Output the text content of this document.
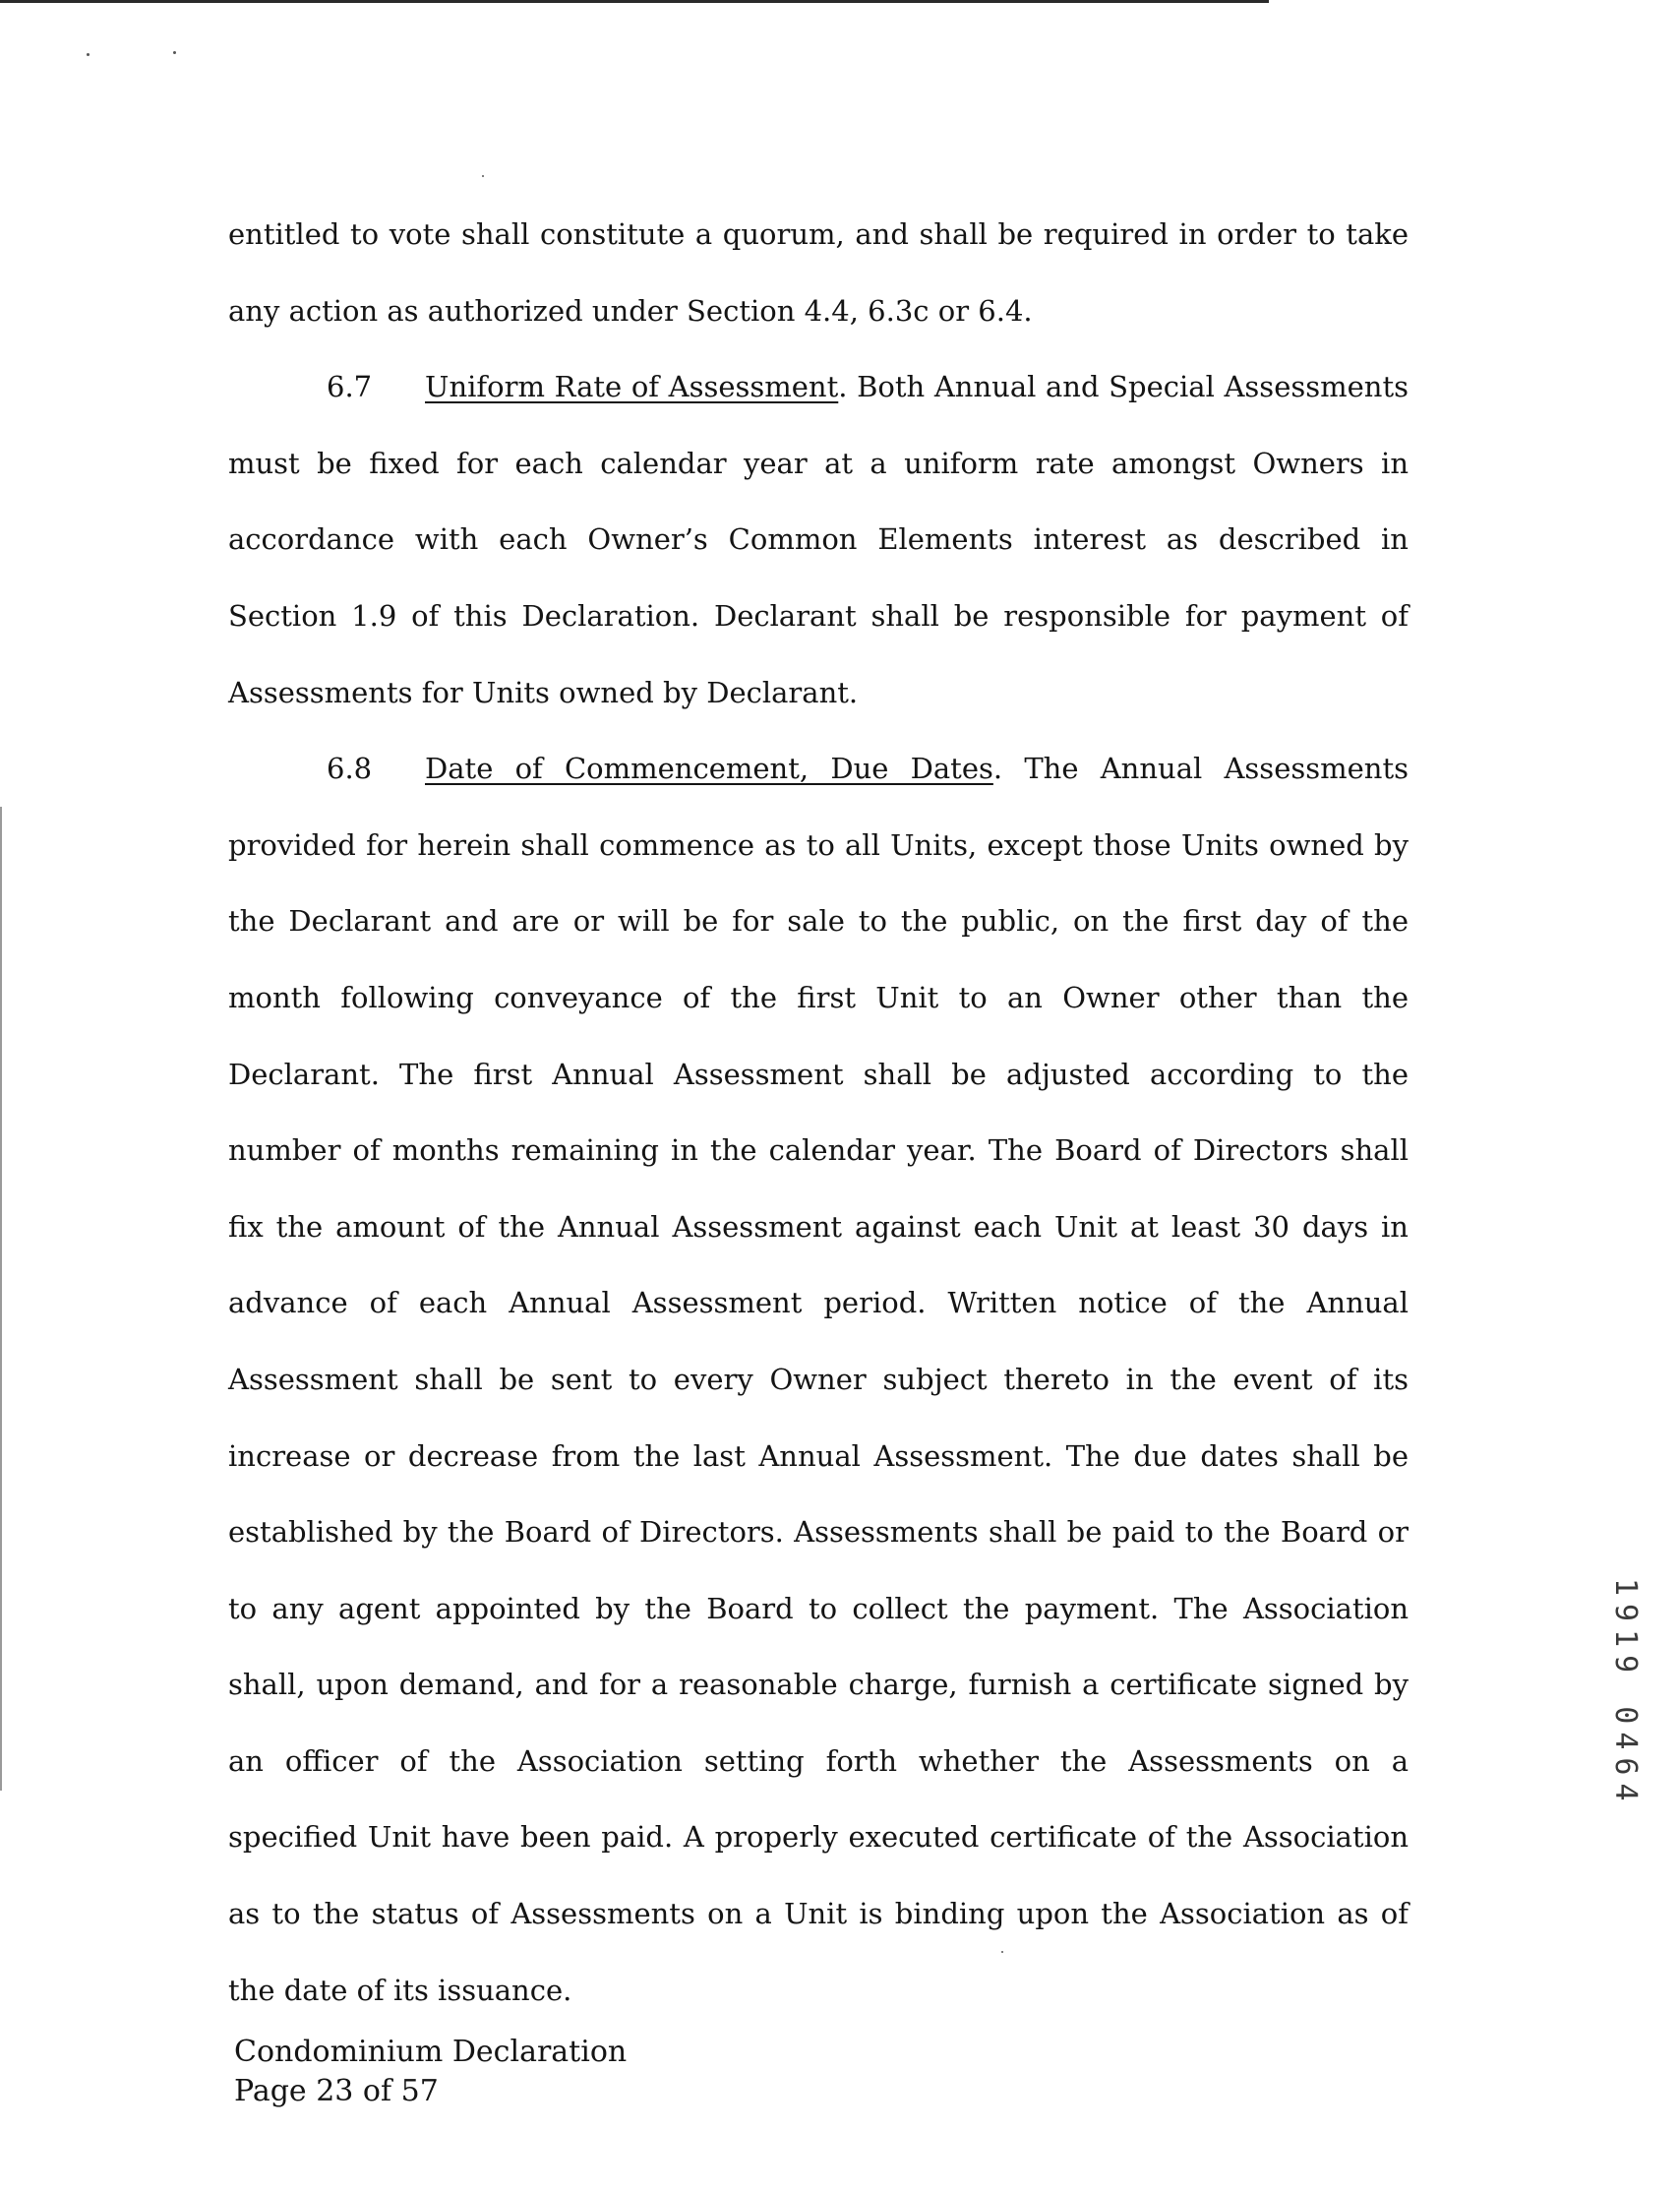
entitled to vote shall constitute a quorum, and shall be required in order to take any action as authorized under Section 4.4, 6.3c or 6.4.

6.7 Uniform Rate of Assessment. Both Annual and Special Assessments must be fixed for each calendar year at a uniform rate amongst Owners in accordance with each Owner’s Common Elements interest as described in Section 1.9 of this Declaration. Declarant shall be responsible for payment of Assessments for Units owned by Declarant.

6.8 Date of Commencement, Due Dates. The Annual Assessments provided for herein shall commence as to all Units, except those Units owned by the Declarant and are or will be for sale to the public, on the first day of the month following conveyance of the first Unit to an Owner other than the Declarant. The first Annual Assessment shall be adjusted according to the number of months remaining in the calendar year. The Board of Directors shall fix the amount of the Annual Assessment against each Unit at least 30 days in advance of each Annual Assessment period. Written notice of the Annual Assessment shall be sent to every Owner subject thereto in the event of its increase or decrease from the last Annual Assessment. The due dates shall be established by the Board of Directors. Assessments shall be paid to the Board or to any agent appointed by the Board to collect the payment. The Association shall, upon demand, and for a reasonable charge, furnish a certificate signed by an officer of the Association setting forth whether the Assessments on a specified Unit have been paid. A properly executed certificate of the Association as to the status of Assessments on a Unit is binding upon the Association as of the date of its issuance.

1919 0464
Condominium Declaration
Page 23 of 57
